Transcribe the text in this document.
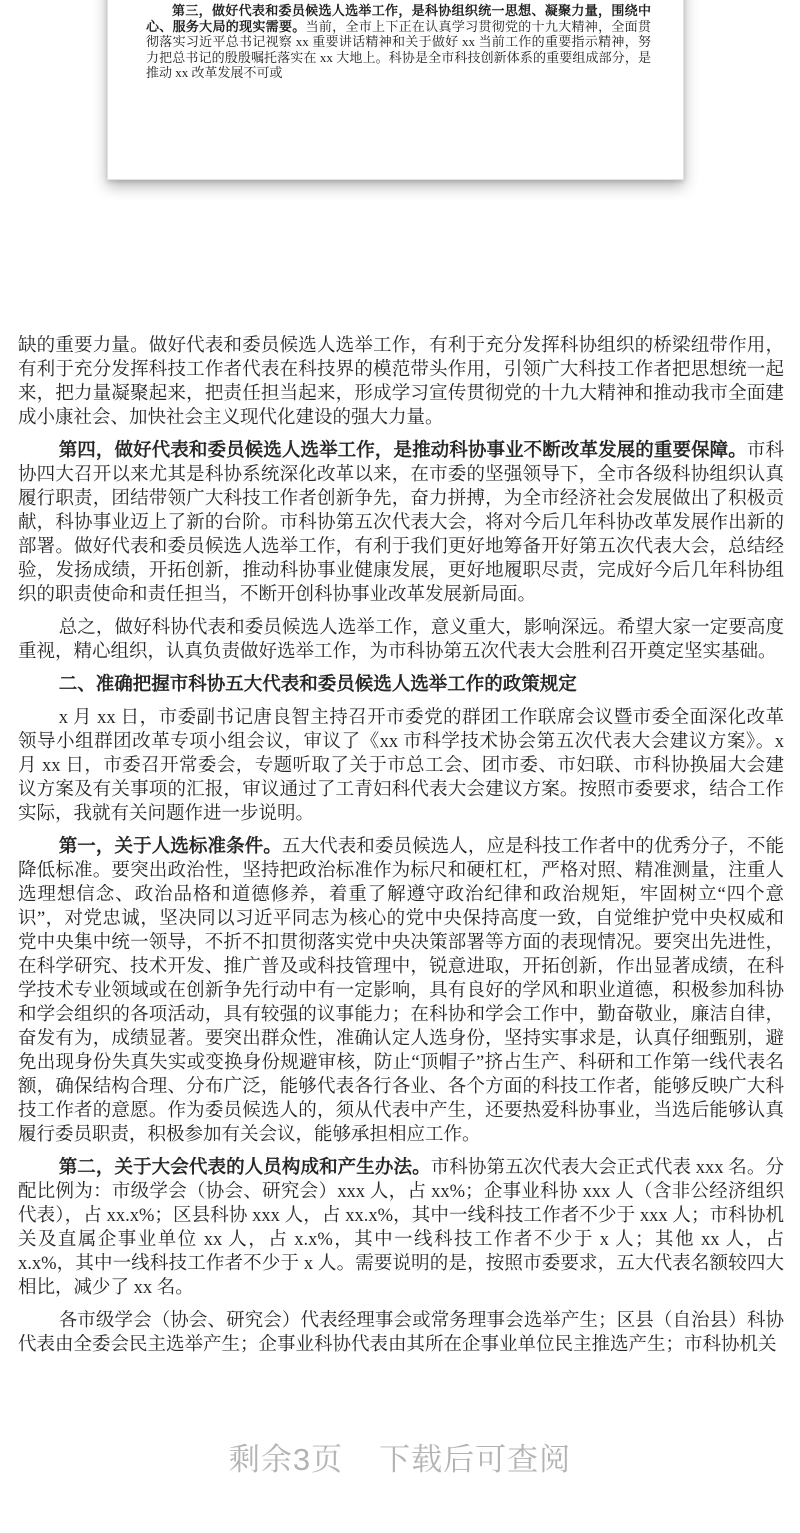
第三，做好代表和委员候选人选举工作，是科协组织统一思想、凝聚力量，围绕中心、服务大局的现实需要。当前，全市上下正在认真学习贯彻党的十九大精神，全面贯彻落实习近平总书记视察 xx 重要讲话精神和关于做好 xx 当前工作的重要指示精神，努力把总书记的殷殷嘱托落实在 xx 大地上。科协是全市科技创新体系的重要组成部分，是推动 xx 改革发展不可或

缺的重要力量。做好代表和委员候选人选举工作，有利于充分发挥科协组织的桥梁纽带作用，有利于充分发挥科技工作者代表在科技界的模范带头作用，引领广大科技工作者把思想统一起来，把力量凝聚起来，把责任担当起来，形成学习宣传贯彻党的十九大精神和推动我市全面建成小康社会、加快社会主义现代化建设的强大力量。

第四，做好代表和委员候选人选举工作，是推动科协事业不断改革发展的重要保障。市科协四大召开以来尤其是科协系统深化改革以来，在市委的坚强领导下，全市各级科协组织认真履行职责，团结带领广大科技工作者创新争先，奋力拼搏，为全市经济社会发展做出了积极贡献，科协事业迈上了新的台阶。市科协第五次代表大会，将对今后几年科协改革发展作出新的部署。做好代表和委员候选人选举工作，有利于我们更好地筹备开好第五次代表大会，总结经验，发扬成绩，开拓创新，推动科协事业健康发展，更好地履职尽责，完成好今后几年科协组织的职责使命和责任担当，不断开创科协事业改革发展新局面。

总之，做好科协代表和委员候选人选举工作，意义重大，影响深远。希望大家一定要高度重视，精心组织，认真负责做好选举工作，为市科协第五次代表大会胜利召开奠定坚实基础。

二、准确把握市科协五大代表和委员候选人选举工作的政策规定

x 月 xx 日，市委副书记唐良智主持召开市委党的群团工作联席会议暨市委全面深化改革领导小组群团改革专项小组会议，审议了《xx 市科学技术协会第五次代表大会建议方案》。x 月 xx 日，市委召开常委会，专题听取了关于市总工会、团市委、市妇联、市科协换届大会建议方案及有关事项的汇报，审议通过了工青妇科代表大会建议方案。按照市委要求，结合工作实际，我就有关问题作进一步说明。

第一，关于人选标准条件。五大代表和委员候选人，应是科技工作者中的优秀分子，不能降低标准。要突出政治性，坚持把政治标准作为标尺和硬杠杠，严格对照、精准测量，注重人选理想信念、政治品格和道德修养，着重了解遵守政治纪律和政治规矩，牢固树立“四个意识”，对党忠诚，坚决同以习近平同志为核心的党中央保持高度一致，自觉维护党中央权威和党中央集中统一领导，不折不扣贯彻落实党中央决策部署等方面的表现情况。要突出先进性，在科学研究、技术开发、推广普及或科技管理中，锐意进取，开拓创新，作出显著成绩，在科学技术专业领域或在创新争先行动中有一定影响，具有良好的学风和职业道德，积极参加科协和学会组织的各项活动，具有较强的议事能力；在科协和学会工作中，勤奋敬业，廉洁自律，奋发有为，成绩显著。要突出群众性，准确认定人选身份，坚持实事求是，认真仔细甄别，避免出现身份失真失实或变换身份规避审核，防止“顶帽子”挤占生产、科研和工作第一线代表名额，确保结构合理、分布广泛，能够代表各行各业、各个方面的科技工作者，能够反映广大科技工作者的意愿。作为委员候选人的，须从代表中产生，还要热爱科协事业，当选后能够认真履行委员职责，积极参加有关会议，能够承担相应工作。

第二，关于大会代表的人员构成和产生办法。市科协第五次代表大会正式代表 xxx 名。分配比例为：市级学会（协会、研究会）xxx 人，占 xx%；企事业科协 xxx 人（含非公经济组织代表），占 xx.x%；区县科协 xxx 人，占 xx.x%，其中一线科技工作者不少于 xxx 人；市科协机关及直属企事业单位 xx 人，占 x.x%，其中一线科技工作者不少于 x 人；其他 xx 人，占 x.x%，其中一线科技工作者不少于 x 人。需要说明的是，按照市委要求，五大代表名额较四大相比，减少了 xx 名。

各市级学会（协会、研究会）代表经理事会或常务理事会选举产生；区县（自治县）科协代表由全委会民主选举产生；企事业科协代表由其所在企事业单位民主推选产生；市科协机关

剩余3页 下载后可查阅
